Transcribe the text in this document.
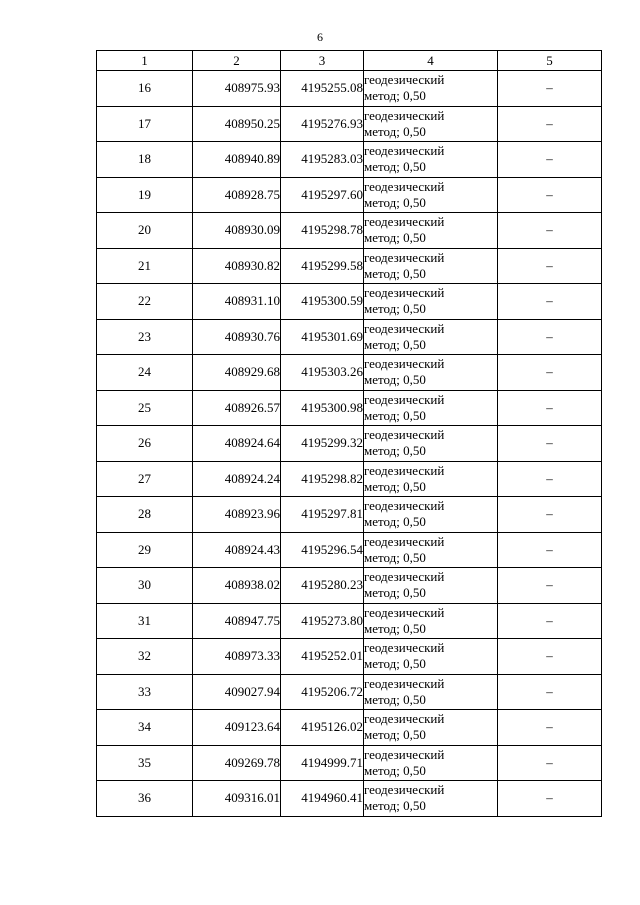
6
1	2	3	4	5
16	408975.93	4195255.08	геодезический
метод; 0,50	–
17	408950.25	4195276.93	геодезический
метод; 0,50	–
18	408940.89	4195283.03	геодезический
метод; 0,50	–
19	408928.75	4195297.60	геодезический
метод; 0,50	–
20	408930.09	4195298.78	геодезический
метод; 0,50	–
21	408930.82	4195299.58	геодезический
метод; 0,50	–
22	408931.10	4195300.59	геодезический
метод; 0,50	–
23	408930.76	4195301.69	геодезический
метод; 0,50	–
24	408929.68	4195303.26	геодезический
метод; 0,50	–
25	408926.57	4195300.98	геодезический
метод; 0,50	–
26	408924.64	4195299.32	геодезический
метод; 0,50	–
27	408924.24	4195298.82	геодезический
метод; 0,50	–
28	408923.96	4195297.81	геодезический
метод; 0,50	–
29	408924.43	4195296.54	геодезический
метод; 0,50	–
30	408938.02	4195280.23	геодезический
метод; 0,50	–
31	408947.75	4195273.80	геодезический
метод; 0,50	–
32	408973.33	4195252.01	геодезический
метод; 0,50	–
33	409027.94	4195206.72	геодезический
метод; 0,50	–
34	409123.64	4195126.02	геодезический
метод; 0,50	–
35	409269.78	4194999.71	геодезический
метод; 0,50	–
36	409316.01	4194960.41	геодезический
метод; 0,50	–
